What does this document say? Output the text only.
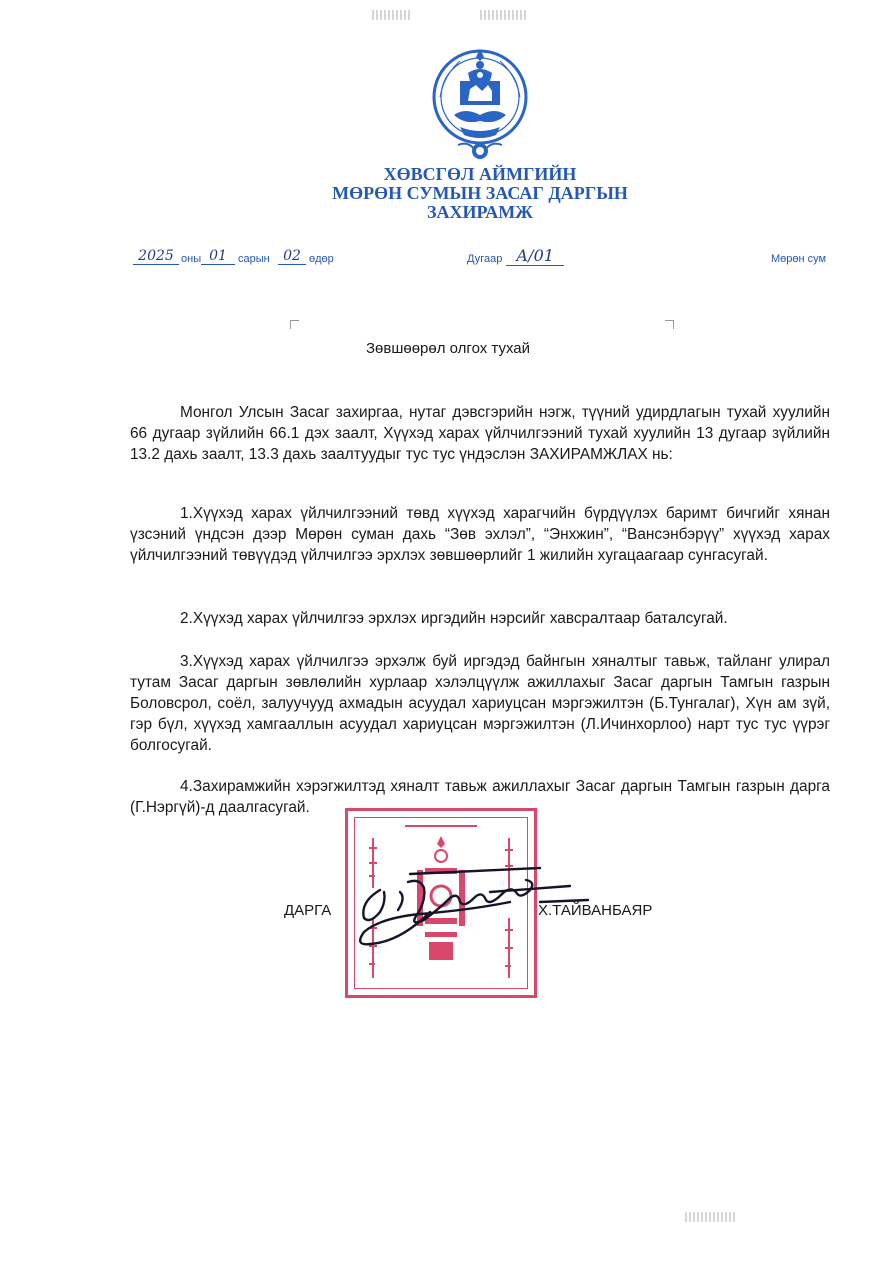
ХӨВСГӨЛ АЙМГИЙН
МӨРӨН СУМЫН ЗАСАГ ДАРГЫН
ЗАХИРАМЖ
2025 оны 01	сарын 02 өдөр	Дугаар А/01	Мөрөн сум

Зөвшөөрөл олгох тухай

Монгол Улсын Засаг захиргаа, нутаг дэвсгэрийн нэгж, түүний удирдлагын тухай хуулийн 66 дугаар зүйлийн 66.1 дэх заалт, Хүүхэд харах үйлчилгээний тухай хуулийн 13 дугаар зүйлийн 13.2 дахь заалт, 13.3 дахь заалтуудыг тус тус үндэслэн ЗАХИРАМЖЛАХ нь:

1.Хүүхэд харах үйлчилгээний төвд хүүхэд харагчийн бүрдүүлэх баримт бичгийг хянан үзсэний үндсэн дээр Мөрөн суман дахь “Зөв эхлэл”, “Энхжин”, “Вансэнбэрүү” хүүхэд харах үйлчилгээний төвүүдэд үйлчилгээ эрхлэх зөвшөөрлийг 1 жилийн хугацаагаар сунгасугай.

2.Хүүхэд харах үйлчилгээ эрхлэх иргэдийн нэрсийг хавсралтаар баталсугай.

3.Хүүхэд харах үйлчилгээ эрхэлж буй иргэдэд байнгын хяналтыг тавьж, тайланг улирал тутам Засаг даргын зөвлөлийн хурлаар хэлэлцүүлж ажиллахыг Засаг даргын Тамгын газрын Боловсрол, соёл, залуучууд ахмадын асуудал хариуцсан мэргэжилтэн (Б.Тунгалаг), Хүн ам зүй, гэр бүл, хүүхэд хамгааллын асуудал хариуцсан мэргэжилтэн (Л.Ичинхорлоо) нарт тус тус үүрэг болгосугай.

4.Захирамжийн хэрэгжилтэд хяналт тавьж ажиллахыг Засаг даргын Тамгын газрын дарга (Г.Нэргүй)-д даалгасугай.

ДАРГА	Х.ТАЙВАНБАЯР
